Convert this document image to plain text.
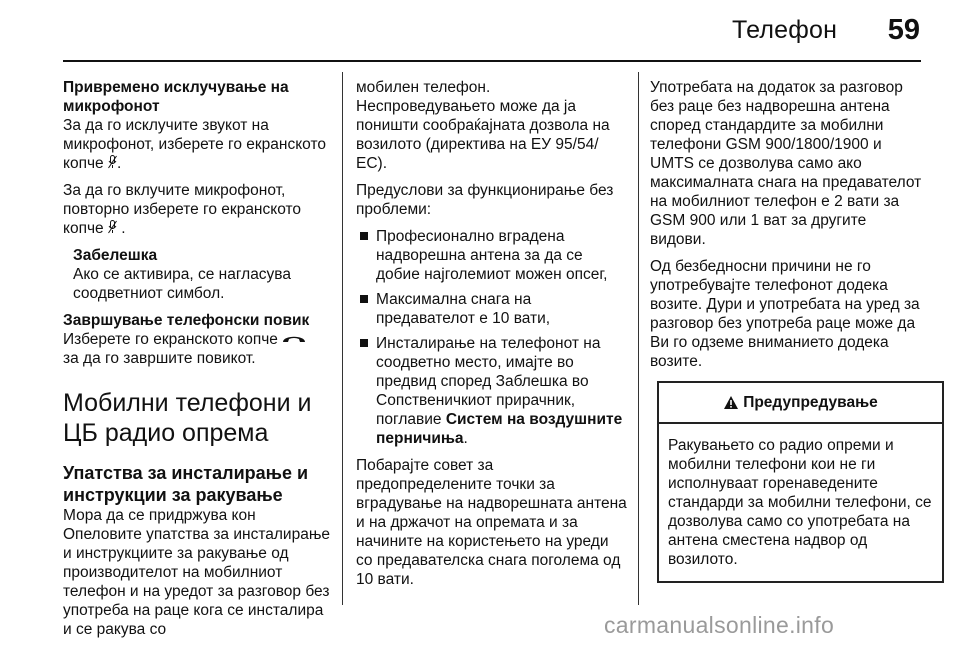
Телефон 59
Привремено исклучување на
микрофонот

За да го исклучите звукот на микрофонот, изберете го екранското копче .

За да го вклучите микрофонот, повторно изберете го екранското копче  .

Забелешка
Ако се активира, се нагласува соодветниот симбол.
Завршување телефонски повик

Изберете го екранското копче
за да го завршите повикот.

Мобилни телефони и ЦБ радио опрема
Упатства за инсталирање и инструкции за ракување

Мора да се придржува кон Опеловите упатства за инсталирање и инструкциите за ракување од производителот на мобилниот телефон и на уредот за разговор без употреба на раце кога се инсталира и се ракува со

мобилен телефон. Неспроведувањето може да ја поништи сообраќајната дозвола на возилото (директива на ЕУ 95/54/ЕС).

Предуслови за функционирање без проблеми:

Професионално вградена надворешна антена за да се добие најголемиот можен опсег,
Максимална снага на предавателот е 10 вати,
Инсталирање на телефонот на соодветно место, имајте во предвид според Заблешка во Сопственичкиот прирачник, поглавие Систем на воздушните перничиња.

Побарајте совет за предопределените точки за вградување на надворешната антена и на држачот на опремата и за начините на користењето на уреди со предавателска снага поголема од 10 вати.

Употребата на додаток за разговор без раце без надворешна антена според стандардите за мобилни телефони GSM 900/1800/1900 и UMTS се дозволува само ако максималната снага на предавателот на мобилниот телефон е 2 вати за GSM 900 или 1 ват за другите видови.

Од безбедносни причини не го употребувајте телефонот додека возите. Дури и употребата на уред за разговор без употреба раце може да Ви го одземе вниманието додека возите.

Предупредување
Ракувањето со радио опреми и мобилни телефони кои не ги исполнуваат горенаведените стандарди за мобилни телефони, се дозволува само со употребата на антена сместена надвор од возилото.
carmanualsonline.info
